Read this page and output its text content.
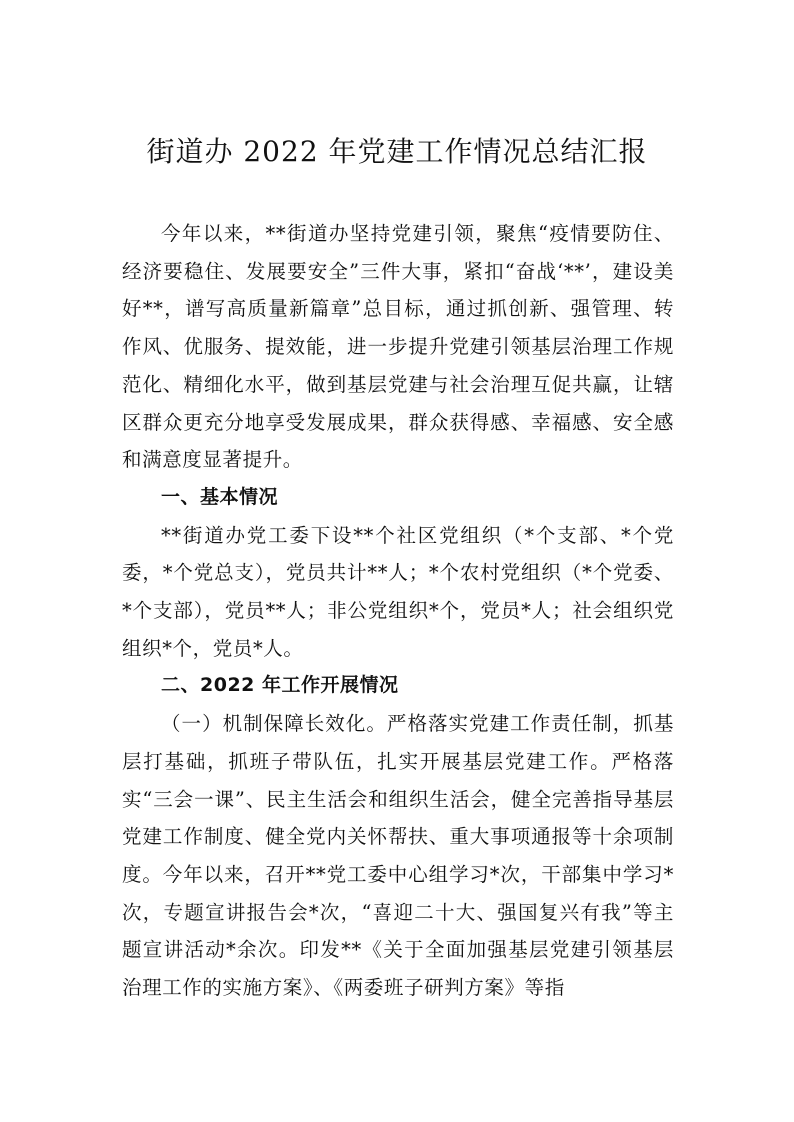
街道办 2022 年党建工作情况总结汇报

今年以来，**街道办坚持党建引领，聚焦“疫情要防住、经济要稳住、发展要安全”三件大事，紧扣“奋战‘**’，建设美好**，谱写高质量新篇章”总目标，通过抓创新、强管理、转作风、优服务、提效能，进一步提升党建引领基层治理工作规范化、精细化水平，做到基层党建与社会治理互促共赢，让辖区群众更充分地享受发展成果，群众获得感、幸福感、安全感和满意度显著提升。

一、基本情况

**街道办党工委下设**个社区党组织（*个支部、*个党委，*个党总支），党员共计**人；*个农村党组织（*个党委、*个支部），党员**人；非公党组织*个，党员*人；社会组织党组织*个，党员*人。

二、2022 年工作开展情况

（一）机制保障长效化。严格落实党建工作责任制，抓基层打基础，抓班子带队伍，扎实开展基层党建工作。严格落实“三会一课”、民主生活会和组织生活会，健全完善指导基层党建工作制度、健全党内关怀帮扶、重大事项通报等十余项制度。今年以来，召开**党工委中心组学习*次，干部集中学习*次，专题宣讲报告会*次，“喜迎二十大、强国复兴有我”等主题宣讲活动*余次。印发**《关于全面加强基层党建引领基层治理工作的实施方案》、《两委班子研判方案》等指
